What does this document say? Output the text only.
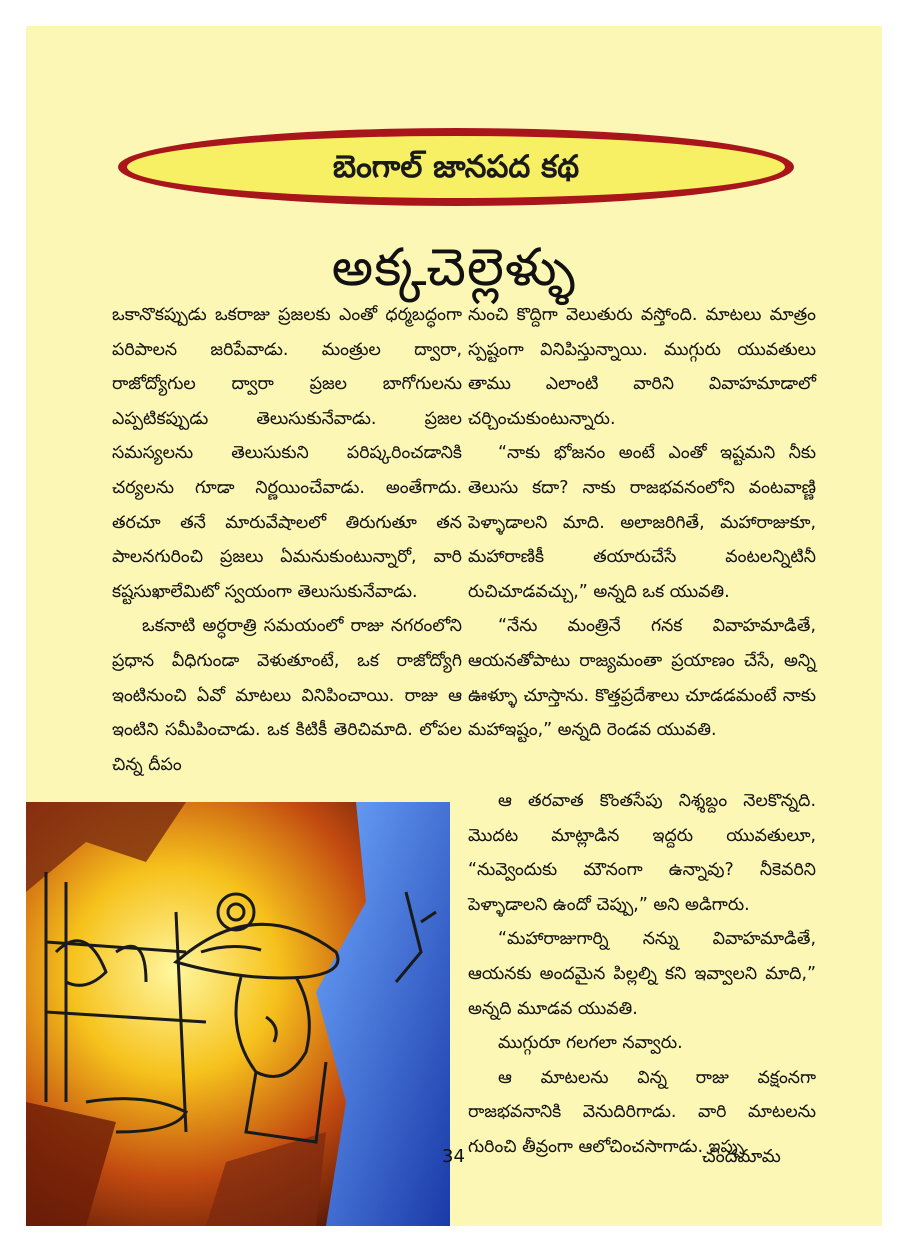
బెంగాల్ జానపద కథ
అక్కచెల్లెళ్ళు

ఒకానొకప్పుడు ఒకరాజు ప్రజలకు ఎంతో ధర్మబద్ధంగా పరిపాలన జరిపేవాడు. మంత్రుల ద్వారా, రాజోద్యోగుల ద్వారా ప్రజల బాగోగులను ఎప్పటికప్పుడు తెలుసుకునేవాడు. ప్రజల సమస్యలను తెలుసుకుని పరిష్కరించడానికి చర్యలను గూడా నిర్ణయించేవాడు. అంతేగాదు. తరచూ తనే మారువేషాలలో తిరుగుతూ తన పాలనగురించి ప్రజలు ఏమనుకుంటున్నారో, వారి కష్టసుఖాలేమిటో స్వయంగా తెలుసుకునేవాడు.

ఒకనాటి అర్ధరాత్రి సమయంలో రాజు నగరంలోని ప్రధాన వీధిగుండా వెళుతూంటే, ఒక రాజోద్యోగి ఇంటినుంచి ఏవో మాటలు వినిపించాయి. రాజు ఆ ఇంటిని సమీపించాడు. ఒక కిటికీ తెరిచిమాది. లోపల చిన్న దీపం

నుంచి కొద్దిగా వెలుతురు వస్తోంది. మాటలు మాత్రం స్పష్టంగా వినిపిస్తున్నాయి. ముగ్గురు యువతులు తాము ఎలాంటి వారిని వివాహమాడాలో చర్చించుకుంటున్నారు.

“నాకు భోజనం అంటే ఎంతో ఇష్టమని నీకు తెలుసు కదా? నాకు రాజభవనంలోని వంటవాణ్ణి పెళ్ళాడాలని మాది. అలాజరిగితే, మహారాజుకూ, మహారాణికీ తయారుచేసే వంటలన్నిటినీ రుచిచూడవచ్చు,” అన్నది ఒక యువతి.

“నేను మంత్రినే గనక వివాహమాడితే, ఆయనతోపాటు రాజ్యమంతా ప్రయాణం చేసే, అన్ని ఊళ్ళూ చూస్తాను. కొత్తప్రదేశాలు చూడడమంటే నాకు మహాఇష్టం,” అన్నది రెండవ యువతి.

ఆ తరవాత కొంతసేపు నిశ్శబ్దం నెలకొన్నది. మొదట మాట్లాడిన ఇద్దరు యువతులూ, “నువ్వెందుకు మౌనంగా ఉన్నావు? నీకెవరిని పెళ్ళాడాలని ఉందో చెప్పు,” అని అడిగారు.

“మహారాజుగార్ని నన్ను వివాహమాడితే, ఆయనకు అందమైన పిల్లల్ని కని ఇవ్వాలని మాది,” అన్నది మూడవ యువతి.

ముగ్గురూ గలగలా నవ్వారు.

ఆ మాటలను విన్న రాజు వక్షంనగా రాజభవనానికి వెనుదిరిగాడు. వారి మాటలను గురించి తీవ్రంగా ఆలోచించసాగాడు. ఇప్పు

34	చందమామ
